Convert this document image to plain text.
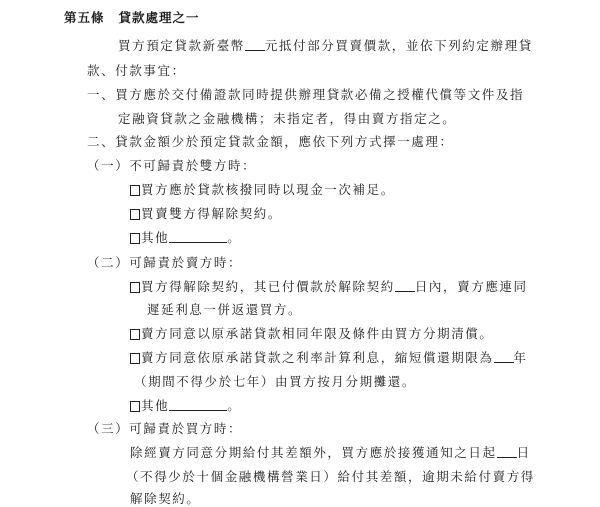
第五條 貸款處理之一
買方預定貸款新臺幣 元抵付部分買賣價款，並依下列約定辦理貸
款、付款事宜：
一、買方應於交付備證款同時提供辦理貸款必備之授權代償等文件及指
定融資貸款之金融機構；未指定者，得由賣方指定之。
二、貸款金額少於預定貸款金額，應依下列方式擇一處理：
（一）不可歸責於雙方時：
買方應於貸款核撥同時以現金一次補足。
買賣雙方得解除契約。
其他	。
（二）可歸責於賣方時：
買方得解除契約，其已付價款於解除契約 日內，賣方應連同
遲延利息一併返還買方。
賣方同意以原承諾貸款相同年限及條件由買方分期清償。
賣方同意依原承諾貸款之利率計算利息，縮短償還期限為 年
（期間不得少於七年）由買方按月分期攤還。
其他	。
（三）可歸責於買方時：
除經賣方同意分期給付其差額外，買方應於接獲通知之日起 日
（不得少於十個金融機構營業日）給付其差額，逾期未給付賣方得
解除契約。
